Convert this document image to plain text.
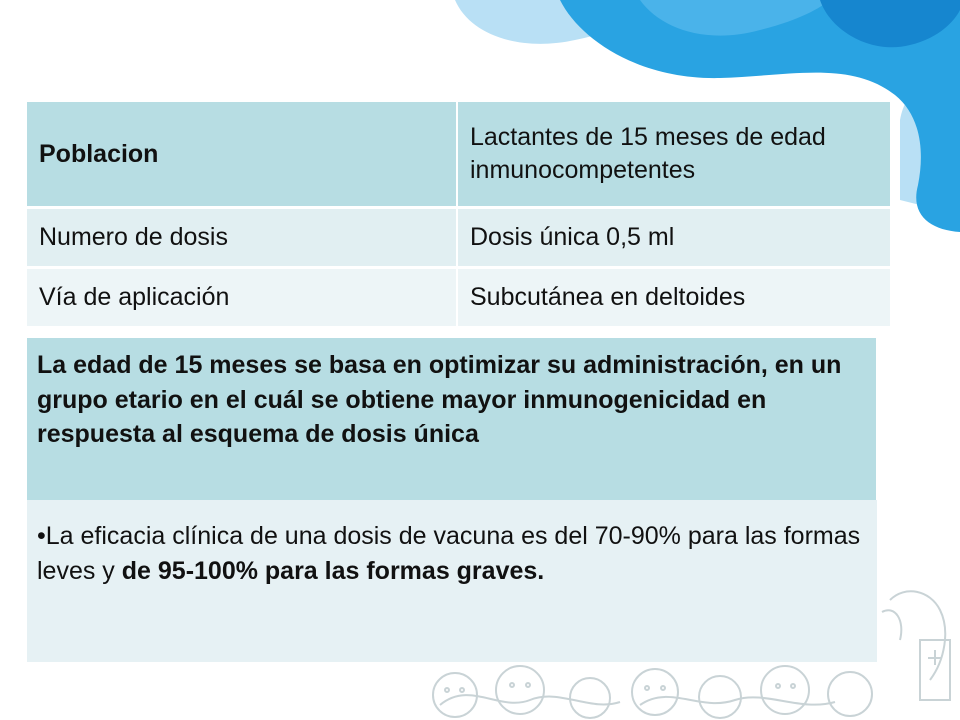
Poblacion	Lactantes de 15 meses de edad inmunocompetentes
Numero de dosis	Dosis única 0,5 ml
Vía de aplicación	Subcutánea en deltoides
La edad de 15 meses se basa en optimizar su administración, en un grupo etario en el cuál se obtiene mayor inmunogenicidad en respuesta al esquema de dosis única
•La eficacia clínica de una dosis de vacuna es del 70-90% para las formas leves y de 95-100% para las formas graves.
